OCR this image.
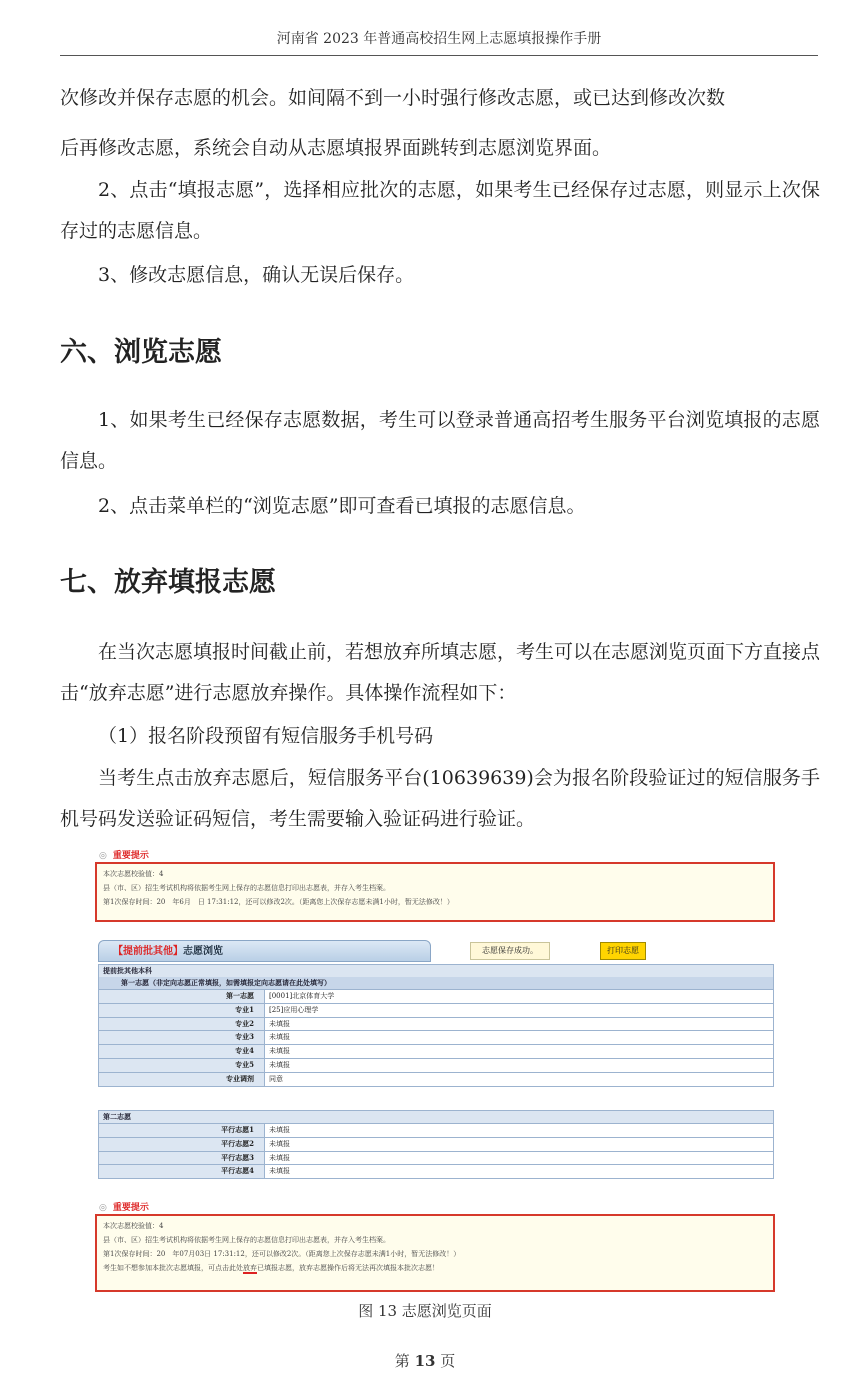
河南省 2023 年普通高校招生网上志愿填报操作手册

次修改并保存志愿的机会。如间隔不到一小时强行修改志愿，或已达到修改次数

后再修改志愿，系统会自动从志愿填报界面跳转到志愿浏览界面。

2、点击“填报志愿”，选择相应批次的志愿，如果考生已经保存过志愿，则显示上次保存过的志愿信息。

3、修改志愿信息，确认无误后保存。

六、浏览志愿

1、如果考生已经保存志愿数据，考生可以登录普通高招考生服务平台浏览填报的志愿信息。

2、点击菜单栏的“浏览志愿”即可查看已填报的志愿信息。

七、放弃填报志愿

在当次志愿填报时间截止前，若想放弃所填志愿，考生可以在志愿浏览页面下方直接点击“放弃志愿”进行志愿放弃操作。具体操作流程如下：

（1）报名阶段预留有短信服务手机号码

当考生点击放弃志愿后，短信服务平台(10639639)会为报名阶段验证过的短信服务手机号码发送验证码短信，考生需要输入验证码进行验证。

◎ 重要提示
本次志愿校验值：4
县（市、区）招生考试机构将依据考生网上保存的志愿信息打印出志愿表，并存入考生档案。
第1次保存时间：20　年6月　日 17:31:12，还可以修改2次。（距离您上次保存志愿未满1小时，暂无法修改！）
【提前批其他】志愿浏览	志愿保存成功。	打印志愿
提前批其他本科
第一志愿（非定向志愿正常填报，如需填报定向志愿请在此处填写）
第一志愿	[0001]北京体育大学
专业1	[25]应用心理学
专业2	未填报
专业3	未填报
专业4	未填报
专业5	未填报
专业调剂	同意
第二志愿
平行志愿1	未填报
平行志愿2	未填报
平行志愿3	未填报
平行志愿4	未填报
◎ 重要提示
本次志愿校验值：4
县（市、区）招生考试机构将依据考生网上保存的志愿信息打印出志愿表，并存入考生档案。
第1次保存时间：20　年07月03日 17:31:12，还可以修改2次。（距离您上次保存志愿未满1小时，暂无法修改！）
考生如不想参加本批次志愿填报，可点击此处放弃已填报志愿，放弃志愿操作后将无法再次填报本批次志愿！
图 13 志愿浏览页面
第 13 页
